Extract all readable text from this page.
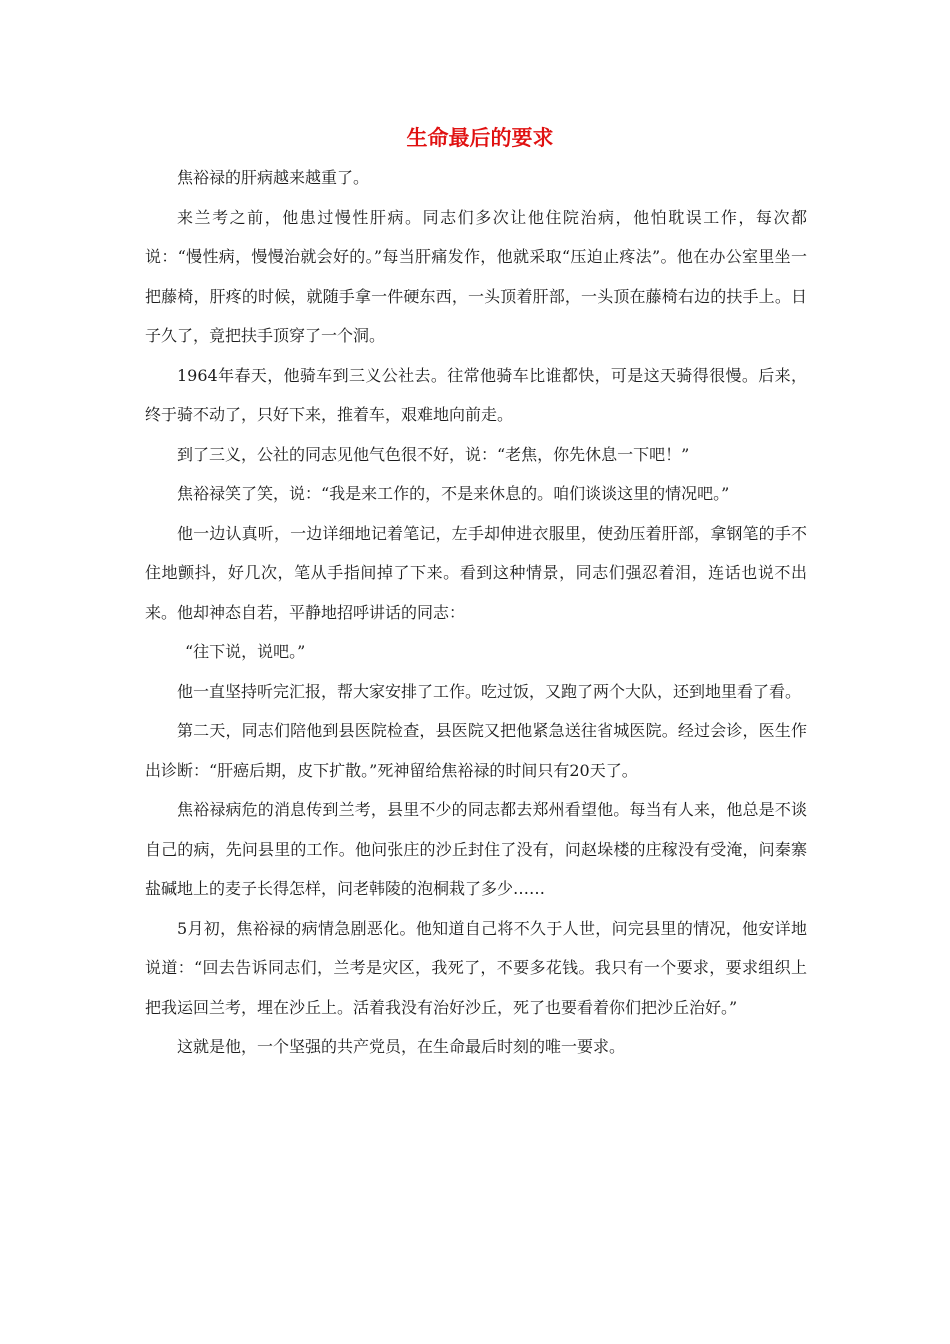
生命最后的要求

焦裕禄的肝病越来越重了。

来兰考之前，他患过慢性肝病。同志们多次让他住院治病，他怕耽误工作，每次都说：“慢性病，慢慢治就会好的。”每当肝痛发作，他就采取“压迫止疼法”。他在办公室里坐一把藤椅，肝疼的时候，就随手拿一件硬东西，一头顶着肝部，一头顶在藤椅右边的扶手上。日子久了，竟把扶手顶穿了一个洞。

1964年春天，他骑车到三义公社去。往常他骑车比谁都快，可是这天骑得很慢。后来，终于骑不动了，只好下来，推着车，艰难地向前走。

到了三义，公社的同志见他气色很不好，说：“老焦，你先休息一下吧！”

焦裕禄笑了笑，说：“我是来工作的，不是来休息的。咱们谈谈这里的情况吧。”

他一边认真听，一边详细地记着笔记，左手却伸进衣服里，使劲压着肝部，拿钢笔的手不住地颤抖，好几次，笔从手指间掉了下来。看到这种情景，同志们强忍着泪，连话也说不出来。他却神态自若，平静地招呼讲话的同志：

“往下说，说吧。”

他一直坚持听完汇报，帮大家安排了工作。吃过饭，又跑了两个大队，还到地里看了看。

第二天，同志们陪他到县医院检查，县医院又把他紧急送往省城医院。经过会诊，医生作出诊断：“肝癌后期，皮下扩散。”死神留给焦裕禄的时间只有20天了。

焦裕禄病危的消息传到兰考，县里不少的同志都去郑州看望他。每当有人来，他总是不谈自己的病，先问县里的工作。他问张庄的沙丘封住了没有，问赵垛楼的庄稼没有受淹，问秦寨盐碱地上的麦子长得怎样，问老韩陵的泡桐栽了多少……

5月初，焦裕禄的病情急剧恶化。他知道自己将不久于人世，问完县里的情况，他安详地说道：“回去告诉同志们，兰考是灾区，我死了，不要多花钱。我只有一个要求，要求组织上把我运回兰考，埋在沙丘上。活着我没有治好沙丘，死了也要看着你们把沙丘治好。”

这就是他，一个坚强的共产党员，在生命最后时刻的唯一要求。
